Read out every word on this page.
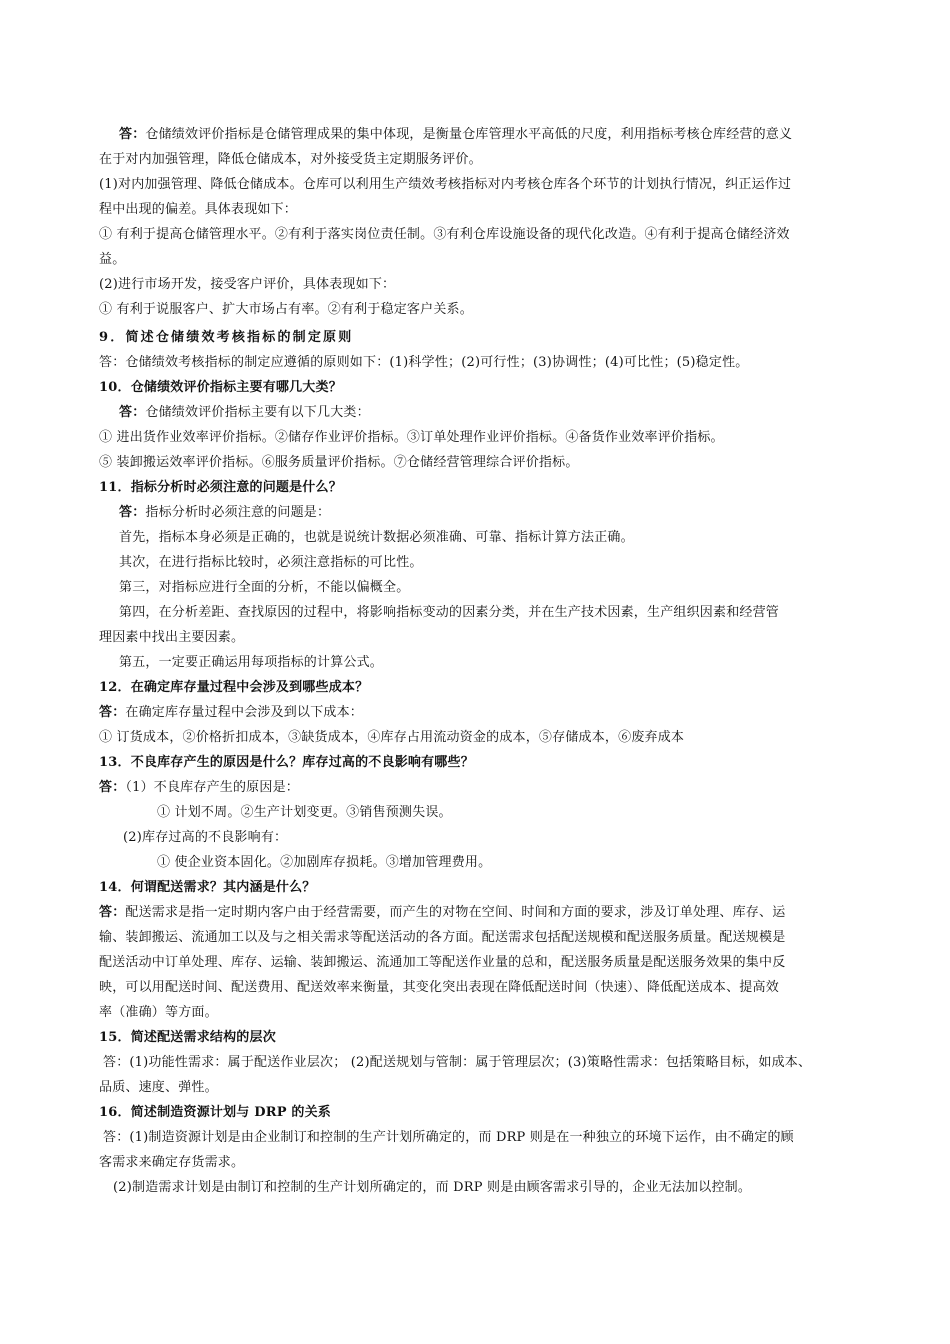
答：仓储绩效评价指标是仓储管理成果的集中体现，是衡量仓库管理水平高低的尺度，利用指标考核仓库经营的意义
在于对内加强管理，降低仓储成本，对外接受货主定期服务评价。
(1)对内加强管理、降低仓储成本。仓库可以利用生产绩效考核指标对内考核仓库各个环节的计划执行情况，纠正运作过
程中出现的偏差。具体表现如下：
① 有利于提高仓储管理水平。②有利于落实岗位责任制。③有利仓库设施设备的现代化改造。④有利于提高仓储经济效
益。
(2)进行市场开发，接受客户评价，具体表现如下：
① 有利于说服客户、扩大市场占有率。②有利于稳定客户关系。
9．简述仓储绩效考核指标的制定原则
答：仓储绩效考核指标的制定应遵循的原则如下：(1)科学性；(2)可行性；(3)协调性；(4)可比性；(5)稳定性。
10．仓储绩效评价指标主要有哪几大类？
答：仓储绩效评价指标主要有以下几大类：
① 进出货作业效率评价指标。②储存作业评价指标。③订单处理作业评价指标。④备货作业效率评价指标。
⑤ 装卸搬运效率评价指标。⑥服务质量评价指标。⑦仓储经营管理综合评价指标。
11．指标分析时必须注意的问题是什么？
答：指标分析时必须注意的问题是：
首先，指标本身必须是正确的，也就是说统计数据必须准确、可靠、指标计算方法正确。
其次，在进行指标比较时，必须注意指标的可比性。
第三，对指标应进行全面的分析，不能以偏概全。
第四，在分析差距、查找原因的过程中，将影响指标变动的因素分类，并在生产技术因素，生产组织因素和经营管
理因素中找出主要因素。
第五，一定要正确运用每项指标的计算公式。
12．在确定库存量过程中会涉及到哪些成本？
答：在确定库存量过程中会涉及到以下成本：
① 订货成本，②价格折扣成本，③缺货成本，④库存占用流动资金的成本，⑤存储成本，⑥废弃成本
13．不良库存产生的原因是什么？库存过高的不良影响有哪些？
答：（1）不良库存产生的原因是：
① 计划不周。②生产计划变更。③销售预测失误。
(2)库存过高的不良影响有：
① 使企业资本固化。②加剧库存损耗。③增加管理费用。
14．何谓配送需求？其内涵是什么？
答：配送需求是指一定时期内客户由于经营需要，而产生的对物在空间、时间和方面的要求，涉及订单处理、库存、运
输、装卸搬运、流通加工以及与之相关需求等配送活动的各方面。配送需求包括配送规模和配送服务质量。配送规模是
配送活动中订单处理、库存、运输、装卸搬运、流通加工等配送作业量的总和，配送服务质量是配送服务效果的集中反
映，可以用配送时间、配送费用、配送效率来衡量，其变化突出表现在降低配送时间（快速）、降低配送成本、提高效
率（准确）等方面。
15．简述配送需求结构的层次
答：(1)功能性需求：属于配送作业层次； (2)配送规划与管制：属于管理层次；(3)策略性需求：包括策略目标，如成本、
品质、速度、弹性。
16．简述制造资源计划与 DRP 的关系
答：(1)制造资源计划是由企业制订和控制的生产计划所确定的，而 DRP 则是在一种独立的环境下运作，由不确定的顾
客需求来确定存货需求。
(2)制造需求计划是由制订和控制的生产计划所确定的，而 DRP 则是由顾客需求引导的，企业无法加以控制。
